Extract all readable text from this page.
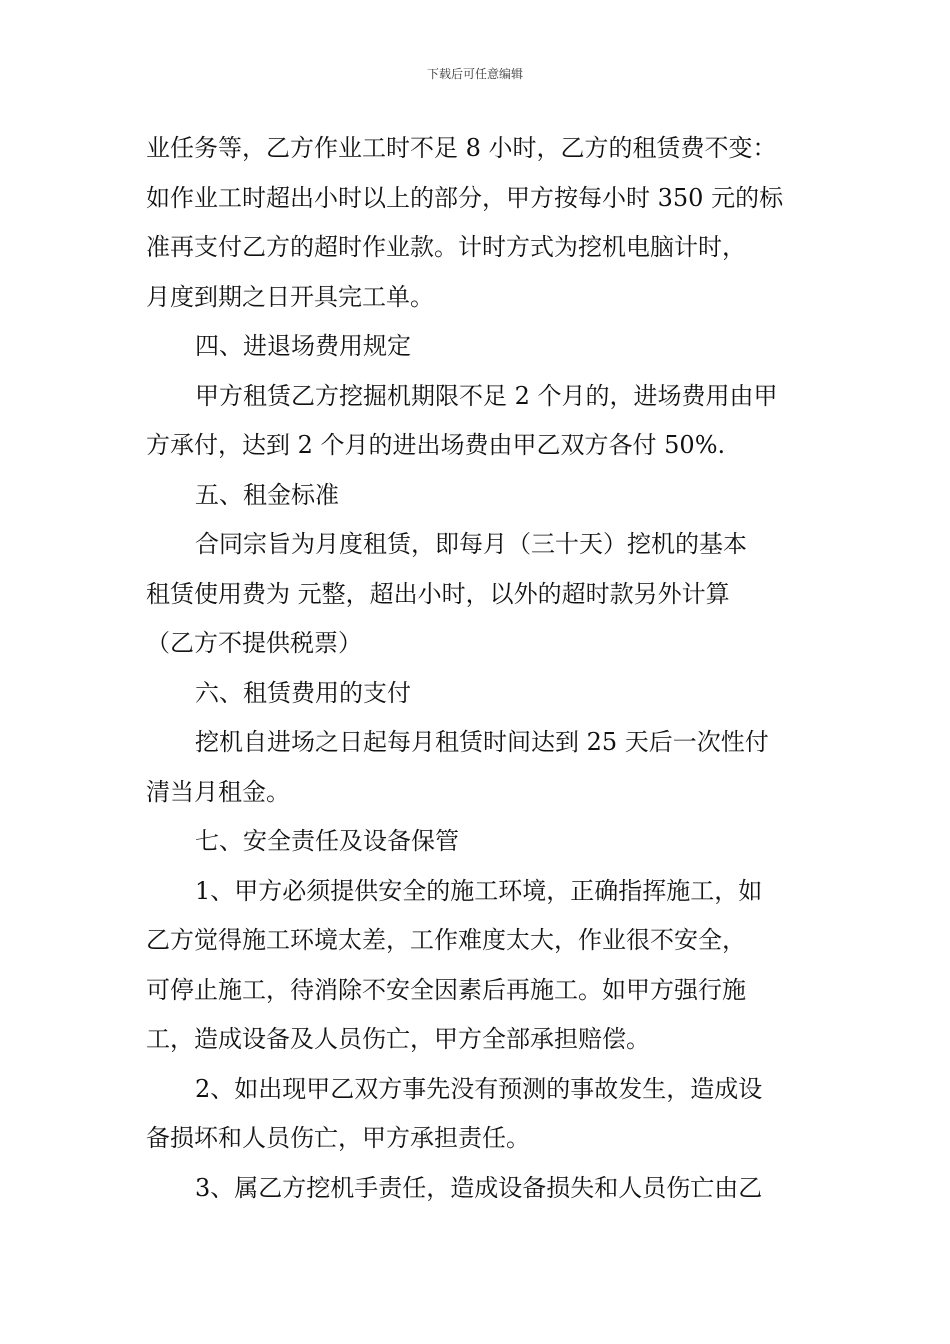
下载后可任意编辑

业任务等，乙方作业工时不足 8 小时，乙方的租赁费不变：

如作业工时超出小时以上的部分，甲方按每小时 350 元的标

准再支付乙方的超时作业款。计时方式为挖机电脑计时，

月度到期之日开具完工单。

四、进退场费用规定

甲方租赁乙方挖掘机期限不足 2 个月的，进场费用由甲

方承付，达到 2 个月的进出场费由甲乙双方各付 50%.

五、租金标准

合同宗旨为月度租赁，即每月（三十天）挖机的基本

租赁使用费为 元整，超出小时，以外的超时款另外计算

（乙方不提供税票）

六、租赁费用的支付

挖机自进场之日起每月租赁时间达到 25 天后一次性付

清当月租金。

七、安全责任及设备保管

1、甲方必须提供安全的施工环境，正确指挥施工，如

乙方觉得施工环境太差，工作难度太大，作业很不安全，

可停止施工，待消除不安全因素后再施工。如甲方强行施

工，造成设备及人员伤亡，甲方全部承担赔偿。

2、如出现甲乙双方事先没有预测的事故发生，造成设

备损坏和人员伤亡，甲方承担责任。

3、属乙方挖机手责任，造成设备损失和人员伤亡由乙
